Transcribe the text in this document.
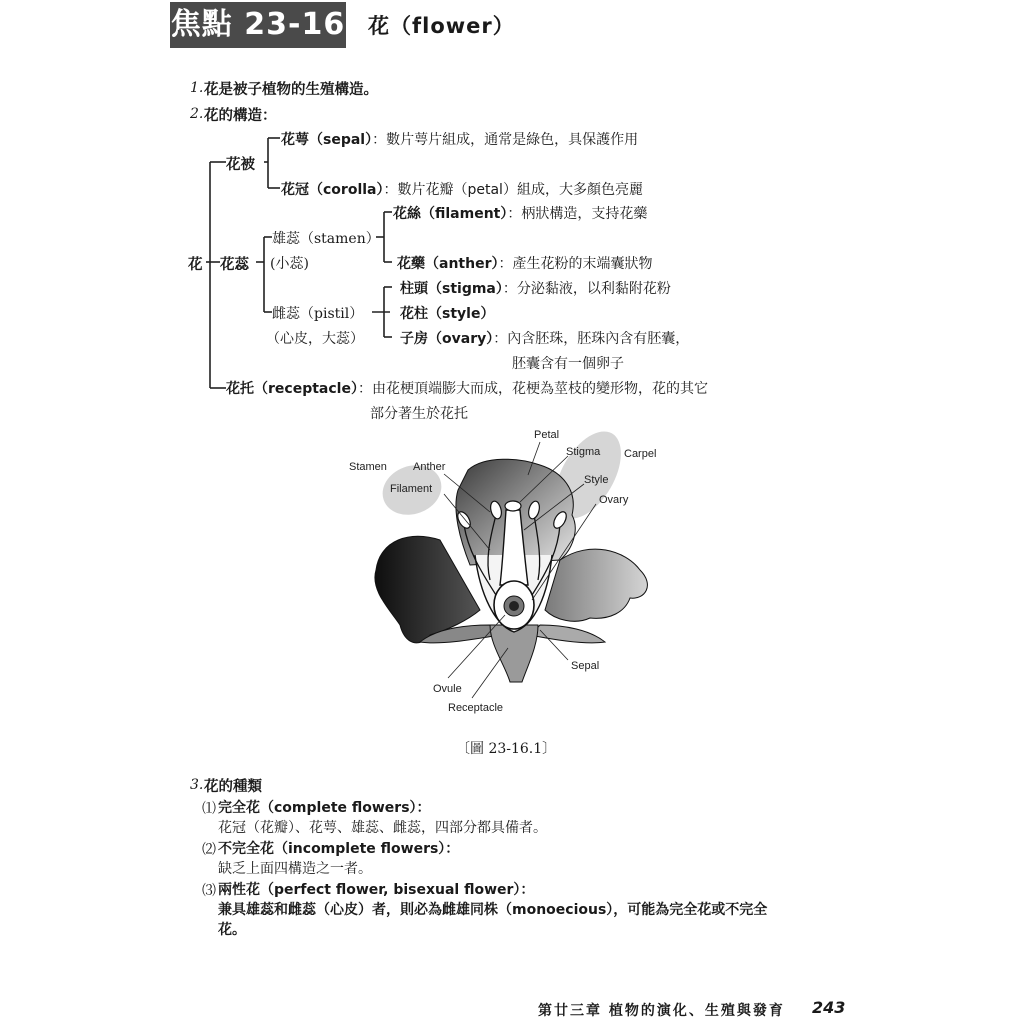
焦點 23-16 花（flower）
1. 花是被子植物的生殖構造。
2. 花的構造：
花
花被
花萼（sepal）：數片萼片組成，通常是綠色，具保護作用
花冠（corolla）：數片花瓣（petal）組成，大多顏色亮麗
花蕊
花絲（filament）：柄狀構造，支持花藥
雄蕊（stamen）
(小蕊)	花藥（anther）：產生花粉的末端囊狀物
柱頭（stigma）：分泌黏液，以利黏附花粉
雌蕊（pistil）	花柱（style）
（心皮，大蕊）	子房（ovary）：內含胚珠，胚珠內含有胚囊，
胚囊含有一個卵子
花托（receptacle）：由花梗頂端膨大而成，花梗為莖枝的變形物，花的其它
部分著生於花托
Petal
Stigma Carpel
Stamen Anther
Filament
Style
Ovary
Sepal
Ovule
Receptacle
〔圖 23-16.1〕
3. 花的種類
⑴ 完全花（complete flowers）：
花冠（花瓣）、花萼、雄蕊、雌蕊，四部分都具備者。
⑵ 不完全花（incomplete flowers）：
缺乏上面四構造之一者。
⑶ 兩性花（perfect flower, bisexual flower）：
兼具雄蕊和雌蕊（心皮）者，則必為雌雄同株（monoecious），可能為完全花或不完全
花。
第廿三章 植物的演化、生殖與發育 243
